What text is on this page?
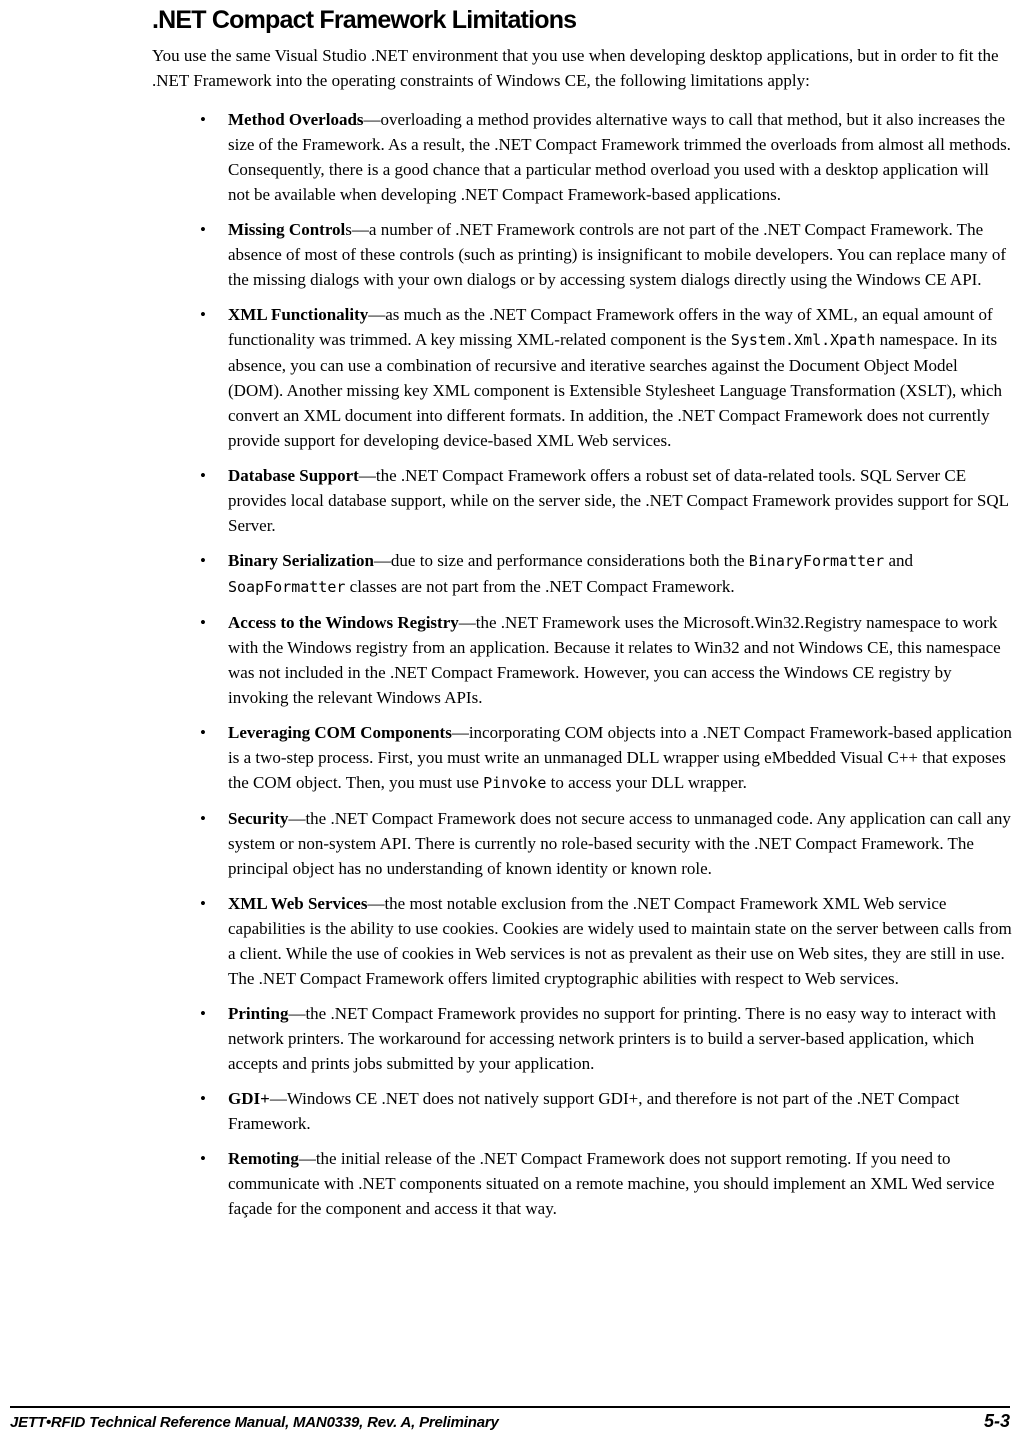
.NET Compact Framework Limitations

You use the same Visual Studio .NET environment that you use when developing desktop applications, but in order to fit the .NET Framework into the operating constraints of Windows CE, the following limitations apply:

• Method Overloads—overloading a method provides alternative ways to call that method, but it also increases the size of the Framework. As a result, the .NET Compact Framework trimmed the overloads from almost all methods. Consequently, there is a good chance that a particular method overload you used with a desktop application will not be available when developing .NET Compact Framework-based applications.
• Missing Controls—a number of .NET Framework controls are not part of the .NET Compact Framework. The absence of most of these controls (such as printing) is insignificant to mobile developers. You can replace many of the missing dialogs with your own dialogs or by accessing system dialogs directly using the Windows CE API.
• XML Functionality—as much as the .NET Compact Framework offers in the way of XML, an equal amount of functionality was trimmed. A key missing XML-related component is the System.Xml.Xpath namespace. In its absence, you can use a combination of recursive and iterative searches against the Document Object Model (DOM). Another missing key XML component is Extensible Stylesheet Language Transformation (XSLT), which convert an XML document into different formats. In addition, the .NET Compact Framework does not currently provide support for developing device-based XML Web services.
• Database Support—the .NET Compact Framework offers a robust set of data-related tools. SQL Server CE provides local database support, while on the server side, the .NET Compact Framework provides support for SQL Server.
• Binary Serialization—due to size and performance considerations both the BinaryFormatter and SoapFormatter classes are not part from the .NET Compact Framework.
• Access to the Windows Registry—the .NET Framework uses the Microsoft.Win32.Registry namespace to work with the Windows registry from an application. Because it relates to Win32 and not Windows CE, this namespace was not included in the .NET Compact Framework. However, you can access the Windows CE registry by invoking the relevant Windows APIs.
• Leveraging COM Components—incorporating COM objects into a .NET Compact Framework-based application is a two-step process. First, you must write an unmanaged DLL wrapper using eMbedded Visual C++ that exposes the COM object. Then, you must use Pinvoke to access your DLL wrapper.
• Security—the .NET Compact Framework does not secure access to unmanaged code. Any application can call any system or non-system API. There is currently no role-based security with the .NET Compact Framework. The principal object has no understanding of known identity or known role.
• XML Web Services—the most notable exclusion from the .NET Compact Framework XML Web service capabilities is the ability to use cookies. Cookies are widely used to maintain state on the server between calls from a client. While the use of cookies in Web services is not as prevalent as their use on Web sites, they are still in use. The .NET Compact Framework offers limited cryptographic abilities with respect to Web services.
• Printing—the .NET Compact Framework provides no support for printing. There is no easy way to interact with network printers. The workaround for accessing network printers is to build a server-based application, which accepts and prints jobs submitted by your application.
• GDI+—Windows CE .NET does not natively support GDI+, and therefore is not part of the .NET Compact Framework.
• Remoting—the initial release of the .NET Compact Framework does not support remoting. If you need to communicate with .NET components situated on a remote machine, you should implement an XML Wed service façade for the component and access it that way.
JETT•RFID Technical Reference Manual, MAN0339, Rev. A, Preliminary	5-3
